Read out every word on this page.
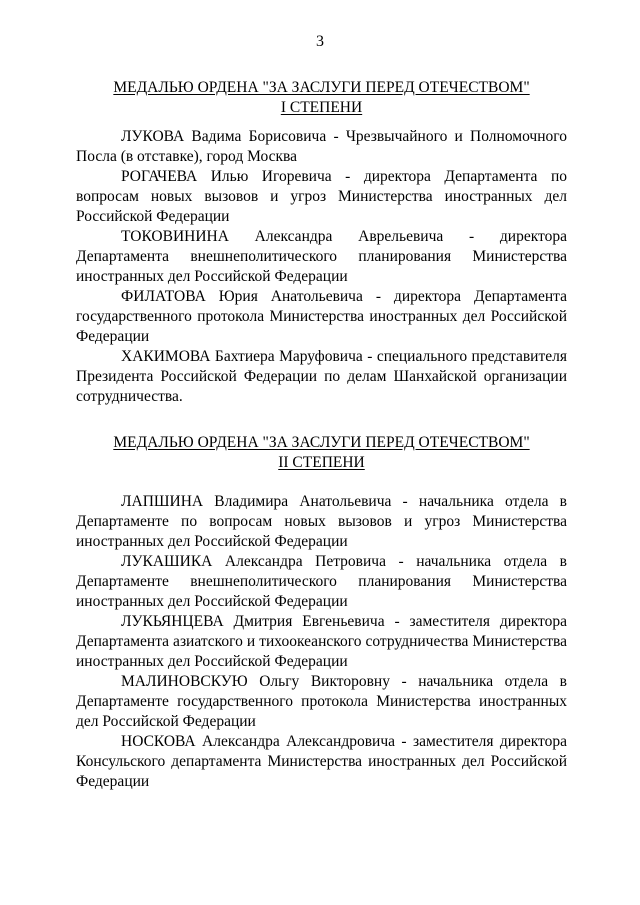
3

МЕДАЛЬЮ ОРДЕНА "ЗА ЗАСЛУГИ ПЕРЕД ОТЕЧЕСТВОМ"

I СТЕПЕНИ

ЛУКОВА Вадима Борисовича - Чрезвычайного и Полномочного Посла (в отставке), город Москва

РОГАЧЕВА Илью Игоревича - директора Департамента по вопросам новых вызовов и угроз Министерства иностранных дел Российской Федерации

ТОКОВИНИНА Александра Аврельевича - директора Департамента внешнеполитического планирования Министерства иностранных дел Российской Федерации

ФИЛАТОВА Юрия Анатольевича - директора Департамента государственного протокола Министерства иностранных дел Российской Федерации

ХАКИМОВА Бахтиера Маруфовича - специального представителя Президента Российской Федерации по делам Шанхайской организации сотрудничества.

МЕДАЛЬЮ ОРДЕНА "ЗА ЗАСЛУГИ ПЕРЕД ОТЕЧЕСТВОМ"

II СТЕПЕНИ

ЛАПШИНА Владимира Анатольевича - начальника отдела в Департаменте по вопросам новых вызовов и угроз Министерства иностранных дел Российской Федерации

ЛУКАШИКА Александра Петровича - начальника отдела в Департаменте внешнеполитического планирования Министерства иностранных дел Российской Федерации

ЛУКЬЯНЦЕВА Дмитрия Евгеньевича - заместителя директора Департамента азиатского и тихоокеанского сотрудничества Министерства иностранных дел Российской Федерации

МАЛИНОВСКУЮ Ольгу Викторовну - начальника отдела в Департаменте государственного протокола Министерства иностранных дел Российской Федерации

НОСКОВА Александра Александровича - заместителя директора Консульского департамента Министерства иностранных дел Российской Федерации
